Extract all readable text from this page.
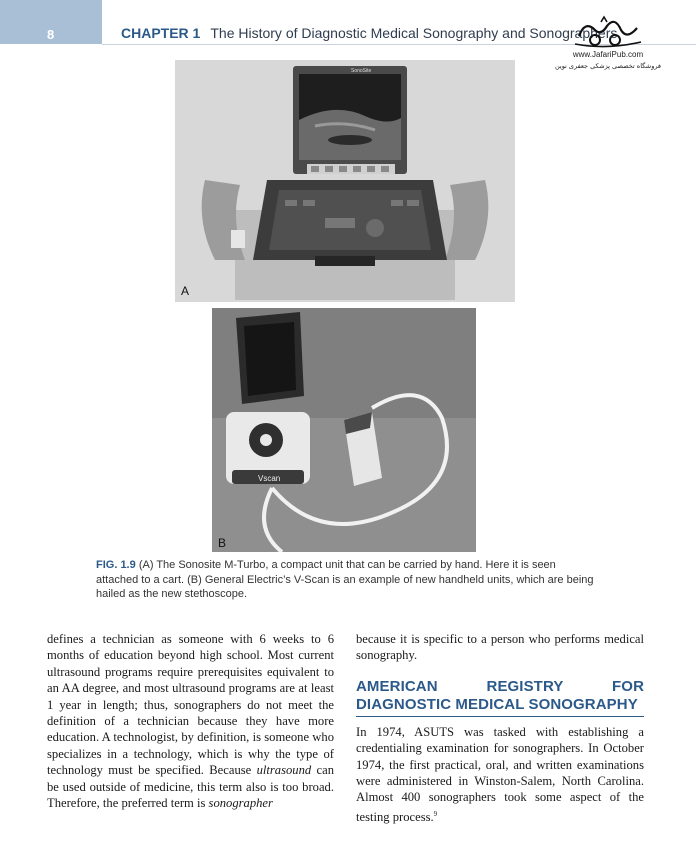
8	CHAPTER 1 The History of Diagnostic Medical Sonography and Sonographers
www.JafariPub.com
فروشگاه تخصصی پزشکی جعفری نوین
SonoSite
A
Vscan
B
FIG. 1.9 (A) The Sonosite M-Turbo, a compact unit that can be carried by hand. Here it is seen attached to a cart. (B) General Electric’s V-Scan is an example of new handheld units, which are being hailed as the new stethoscope.

defines a technician as someone with 6 weeks to 6 months of education beyond high school. Most current ultrasound programs require prerequisites equivalent to an AA degree, and most ultrasound programs are at least 1 year in length; thus, sonographers do not meet the definition of a technician because they have more education. A technologist, by definition, is someone who specializes in a technology, which is why the type of technology must be specified. Because ultrasound can be used outside of medicine, this term also is too broad. Therefore, the preferred term is sonographer

because it is specific to a person who performs medical sonography.

AMERICAN REGISTRY FOR DIAGNOSTIC MEDICAL SONOGRAPHY

In 1974, ASUTS was tasked with establishing a credentialing examination for sonographers. In October 1974, the first practical, oral, and written examinations were administered in Winston-Salem, North Carolina. Almost 400 sonographers took some aspect of the testing process.$^9$
